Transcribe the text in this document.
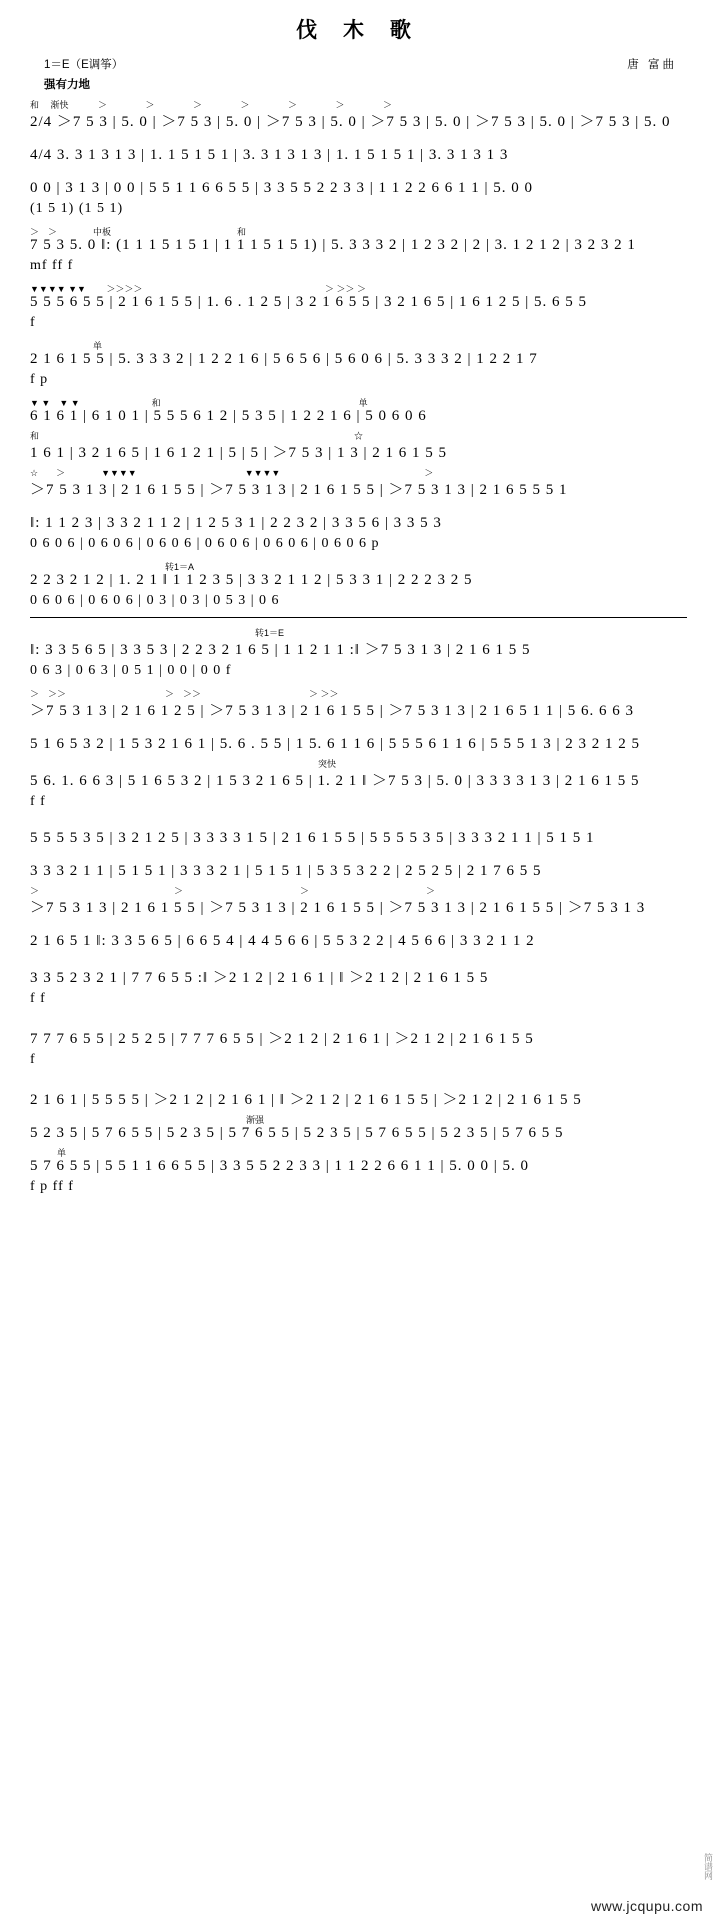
伐 木 歌
1＝E（E调筝）	唐 富曲
强有力地
和 　渐快 　　　＞ 　　　　＞ 　　　　＞ 　　　　＞ 　　　　＞ 　　　　＞ 　　　　＞
2/4 ＞7 5 3 | 5. 0 | ＞7 5 3 | 5. 0 | ＞7 5 3 | 5. 0 | ＞7 5 3 | 5. 0 | ＞7 5 3 | 5. 0 | ＞7 5 3 | 5. 0
4/4 3. 3 1 3 1 3 | 1. 1 5 1 5 1 | 3. 3 1 3 1 3 | 1. 1 5 1 5 1 | 3. 3 1 3 1 3
0 0 | 3 1 3 | 0 0 | 5 5 1 1 6 6 5 5 | 3 3 5 5 2 2 3 3 | 1 1 2 2 6 6 1 1 | 5. 0 0
(1 5 1) (1 5 1)
＞　＞　　　　中板　　　　　　　　　　　　　　和
7 5 3 5. 0 ‖: (1 1 1 5 1 5 1 | 1 1 1 5 1 5 1) | 5. 3 3 3 2 | 1 2 3 2 | 2 | 3. 1 2 1 2 | 3 2 3 2 1
mf ff f
▼▼▼▼ ▼▼ 　　＞＞＞＞ 　　　　　　　　　　　　　　　　　　　　＞ ＞＞ ＞
5 5 5 6 5 5 | 2 1 6 1 5 5 | 1. 6 . 1 2 5 | 3 2 1 6 5 5 | 3 2 1 6 5 | 1 6 1 2 5 | 5. 6 5 5
f
　　　　　　　单
2 1 6 1 5 5 | 5. 3 3 3 2 | 1 2 2 1 6 | 5 6 5 6 | 5 6 0 6 | 5. 3 3 3 2 | 1 2 2 1 7
f p
▼ ▼　▼ ▼　　　　　　　　和　　　　　　　　　　　　　　　　　　　　　　单
6 1 6 1 | 6 1 0 1 | 5 5 5 6 1 2 | 5 3 5 | 1 2 2 1 6 | 5 0 6 0 6
和　　　　　　　　　　　　　　　　　　　　　　　　　　　　　　　　　　　☆
1 6 1 | 3 2 1 6 5 | 1 6 1 2 1 | 5 | 5 | ＞7 5 3 | 1 3 | 2 1 6 1 5 5
☆　　＞　　　　▼▼▼▼　　　　　　　　　　　　▼▼▼▼　　　　　　　　　　　　　　　　＞
＞7 5 3 1 3 | 2 1 6 1 5 5 | ＞7 5 3 1 3 | 2 1 6 1 5 5 | ＞7 5 3 1 3 | 2 1 6 5 5 5 1
‖: 1 1 2 3 | 3 3 2 1 1 2 | 1 2 5 3 1 | 2 2 3 2 | 3 3 5 6 | 3 3 5 3
0 6 0 6 | 0 6 0 6 | 0 6 0 6 | 0 6 0 6 | 0 6 0 6 | 0 6 0 6 p
　　　　　　　　　　　　　　　转1＝A
2 2 3 2 1 2 | 1. 2 1 ‖ 1 1 2 3 5 | 3 3 2 1 1 2 | 5 3 3 1 | 2 2 2 3 2 5
0 6 0 6 | 0 6 0 6 | 0 3 | 0 3 | 0 5 3 | 0 6
　　　　　　　　　　　　　　　　　　　　　　　　　转1＝E
‖: 3 3 5 6 5 | 3 3 5 3 | 2 2 3 2 1 6 5 | 1 1 2 1 1 :‖ ＞7 5 3 1 3 | 2 1 6 1 5 5
0 6 3 | 0 6 3 | 0 5 1 | 0 0 | 0 0 f
＞　＞＞　　　　　　　　　　　＞　＞＞　　　　　　　　　　　　＞ ＞＞
＞7 5 3 1 3 | 2 1 6 1 2 5 | ＞7 5 3 1 3 | 2 1 6 1 5 5 | ＞7 5 3 1 3 | 2 1 6 5 1 1 | 5 6. 6 6 3
5 1 6 5 3 2 | 1 5 3 2 1 6 1 | 5. 6 . 5 5 | 1 5. 6 1 1 6 | 5 5 5 6 1 1 6 | 5 5 5 1 3 | 2 3 2 1 2 5
　　　　　　　　　　　　　　　　　　　　　　　　　　　　　　　　突快
5 6. 1. 6 6 3 | 5 1 6 5 3 2 | 1 5 3 2 1 6 5 | 1. 2 1 ‖ ＞7 5 3 | 5. 0 | 3 3 3 3 1 3 | 2 1 6 1 5 5
f f
5 5 5 5 3 5 | 3 2 1 2 5 | 3 3 3 3 1 5 | 2 1 6 1 5 5 | 5 5 5 5 3 5 | 3 3 3 2 1 1 | 5 1 5 1
3 3 3 2 1 1 | 5 1 5 1 | 3 3 3 2 1 | 5 1 5 1 | 5 3 5 3 2 2 | 2 5 2 5 | 2 1 7 6 5 5
＞　　　　　　　　　　　　　　　＞　　　　　　　　　　　　　＞　　　　　　　　　　　　　＞
＞7 5 3 1 3 | 2 1 6 1 5 5 | ＞7 5 3 1 3 | 2 1 6 1 5 5 | ＞7 5 3 1 3 | 2 1 6 1 5 5 | ＞7 5 3 1 3
2 1 6 5 1 ‖: 3 3 5 6 5 | 6 6 5 4 | 4 4 5 6 6 | 5 5 3 2 2 | 4 5 6 6 | 3 3 2 1 1 2
3 3 5 2 3 2 1 | 7 7 6 5 5 :‖ ＞2 1 2 | 2 1 6 1 | ‖ ＞2 1 2 | 2 1 6 1 5 5
f f
7 7 7 6 5 5 | 2 5 2 5 | 7 7 7 6 5 5 | ＞2 1 2 | 2 1 6 1 | ＞2 1 2 | 2 1 6 1 5 5
f
2 1 6 1 | 5 5 5 5 | ＞2 1 2 | 2 1 6 1 | ‖ ＞2 1 2 | 2 1 6 1 5 5 | ＞2 1 2 | 2 1 6 1 5 5
　　　　　　　　　　　　　　　　　　　　　　　　渐强
5 2 3 5 | 5 7 6 5 5 | 5 2 3 5 | 5 7 6 5 5 | 5 2 3 5 | 5 7 6 5 5 | 5 2 3 5 | 5 7 6 5 5
　　　单
5 7 6 5 5 | 5 5 1 1 6 6 5 5 | 3 3 5 5 2 2 3 3 | 1 1 2 2 6 6 1 1 | 5. 0 0 | 5. 0
f p ff f
简谱网
www.jcqupu.com
